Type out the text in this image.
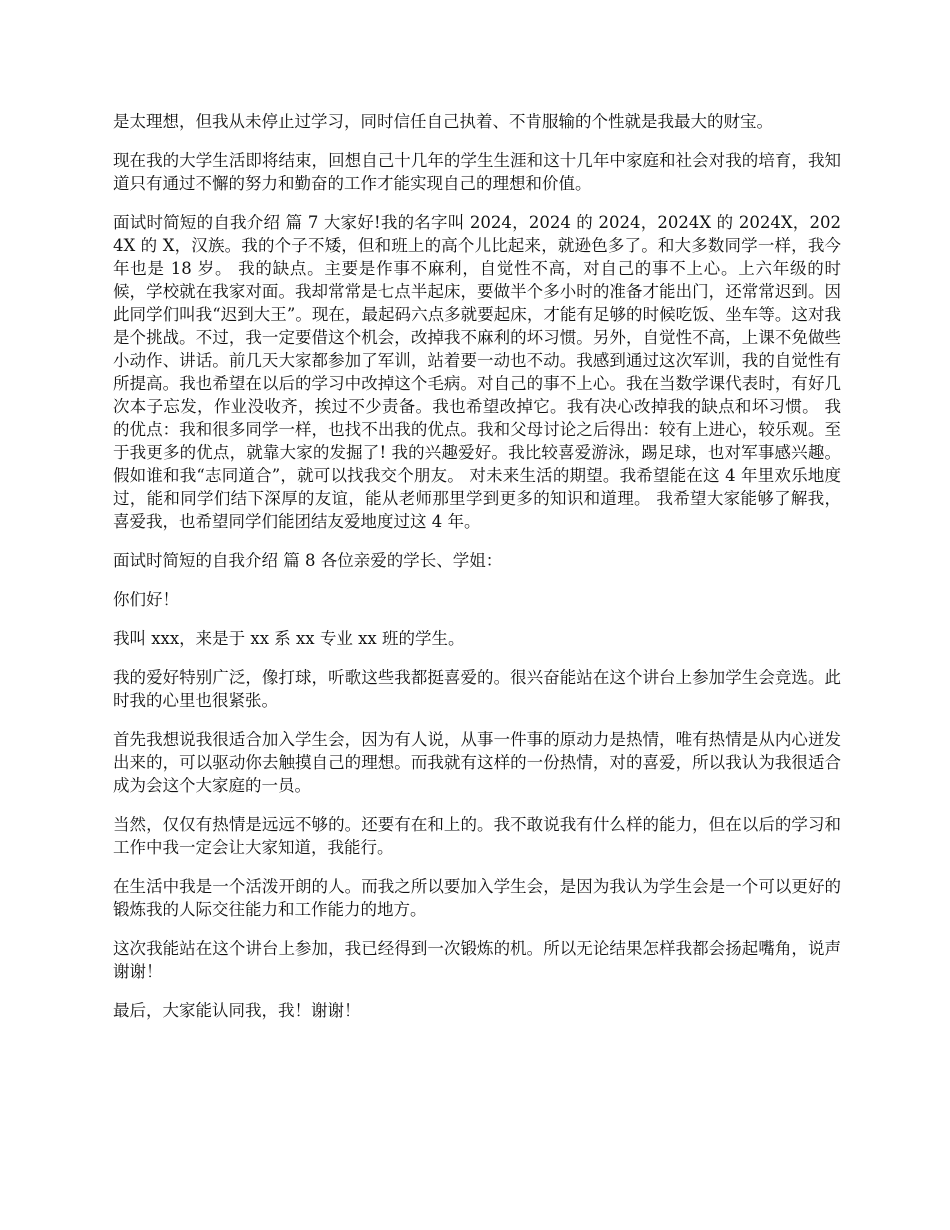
是太理想，但我从未停止过学习，同时信任自己执着、不肯服输的个性就是我最大的财宝。

现在我的大学生活即将结束，回想自己十几年的学生生涯和这十几年中家庭和社会对我的培育，我知道只有通过不懈的努力和勤奋的工作才能实现自己的理想和价值。

面试时简短的自我介绍 篇 7 大家好!我的名字叫 2024，2024 的 2024，2024X 的 2024X，2024X 的 X，汉族。我的个子不矮，但和班上的高个儿比起来，就逊色多了。和大多数同学一样，我今年也是 18 岁。 我的缺点。主要是作事不麻利，自觉性不高，对自己的事不上心。上六年级的时候，学校就在我家对面。我却常常是七点半起床，要做半个多小时的准备才能出门，还常常迟到。因此同学们叫我“迟到大王”。现在，最起码六点多就要起床，才能有足够的时候吃饭、坐车等。这对我是个挑战。不过，我一定要借这个机会，改掉我不麻利的坏习惯。另外，自觉性不高，上课不免做些小动作、讲话。前几天大家都参加了军训，站着要一动也不动。我感到通过这次军训，我的自觉性有所提高。我也希望在以后的学习中改掉这个毛病。对自己的事不上心。我在当数学课代表时，有好几次本子忘发，作业没收齐，挨过不少责备。我也希望改掉它。我有决心改掉我的缺点和坏习惯。 我的优点：我和很多同学一样，也找不出我的优点。我和父母讨论之后得出：较有上进心，较乐观。至于我更多的优点，就靠大家的发掘了! 我的兴趣爱好。我比较喜爱游泳，踢足球，也对军事感兴趣。假如谁和我“志同道合”，就可以找我交个朋友。 对未来生活的期望。我希望能在这 4 年里欢乐地度过，能和同学们结下深厚的友谊，能从老师那里学到更多的知识和道理。 我希望大家能够了解我，喜爱我，也希望同学们能团结友爱地度过这 4 年。

面试时简短的自我介绍 篇 8 各位亲爱的学长、学姐：

你们好！

我叫 xxx，来是于 xx 系 xx 专业 xx 班的学生。

我的爱好特别广泛，像打球，听歌这些我都挺喜爱的。很兴奋能站在这个讲台上参加学生会竞选。此时我的心里也很紧张。

首先我想说我很适合加入学生会，因为有人说，从事一件事的原动力是热情，唯有热情是从内心迸发出来的，可以驱动你去触摸自己的理想。而我就有这样的一份热情，对的喜爱，所以我认为我很适合成为会这个大家庭的一员。

当然，仅仅有热情是远远不够的。还要有在和上的。我不敢说我有什么样的能力，但在以后的学习和工作中我一定会让大家知道，我能行。

在生活中我是一个活泼开朗的人。而我之所以要加入学生会，是因为我认为学生会是一个可以更好的锻炼我的人际交往能力和工作能力的地方。

这次我能站在这个讲台上参加，我已经得到一次锻炼的机。所以无论结果怎样我都会扬起嘴角，说声谢谢！

最后，大家能认同我，我！谢谢！
